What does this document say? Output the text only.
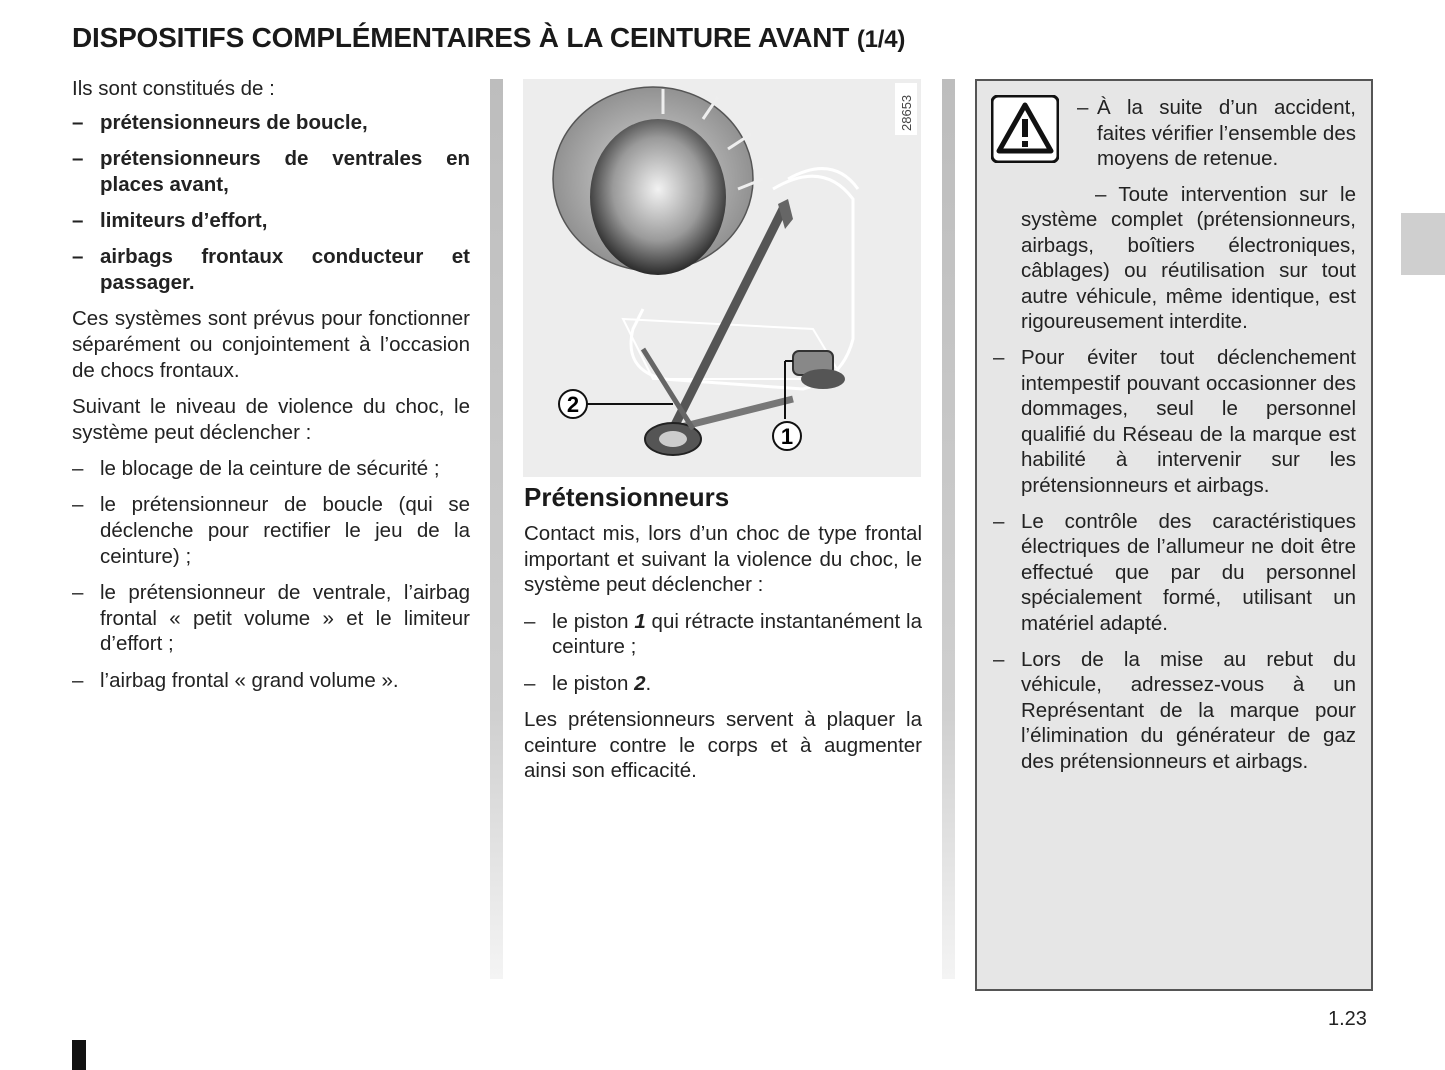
DISPOSITIFS COMPLÉMENTAIRES À LA CEINTURE AVANT (1/4)

Ils sont constitués de :

– prétensionneurs de boucle,
– prétensionneurs de ventrales en places avant,
– limiteurs d’effort,
– airbags frontaux conducteur et passager.

Ces systèmes sont prévus pour fonctionner séparément ou conjointement à l’occasion de chocs frontaux.

Suivant le niveau de violence du choc, le système peut déclencher :

– le blocage de la ceinture de sécurité ;
– le prétensionneur de boucle (qui se déclenche pour rectifier le jeu de la ceinture) ;
– le prétensionneur de ventrale, l’airbag frontal « petit volume » et le limiteur d’effort ;
– l’airbag frontal « grand volume ».
2
1
28653
Prétensionneurs

Contact mis, lors d’un choc de type frontal important et suivant la violence du choc, le système peut déclencher :

– le piston 1 qui rétracte instantanément la ceinture ;
– le piston 2.

Les prétensionneurs servent à plaquer la ceinture contre le corps et à augmenter ainsi son efficacité.

– À la suite d’un accident, faites vérifier l’ensemble des moyens de retenue.

– Toute intervention sur le système complet (prétensionneurs, airbags, boîtiers électroniques, câblages) ou réutilisation sur tout autre véhicule, même identique, est rigoureusement interdite.

– Pour éviter tout déclenchement intempestif pouvant occasionner des dommages, seul le personnel qualifié du Réseau de la marque est habilité à intervenir sur les prétensionneurs et airbags.
– Le contrôle des caractéristiques électriques de l’allumeur ne doit être effectué que par du personnel spécialement formé, utilisant un matériel adapté.
– Lors de la mise au rebut du véhicule, adressez-vous à un Représentant de la marque pour l’élimination du générateur de gaz des prétensionneurs et airbags.
1.23
